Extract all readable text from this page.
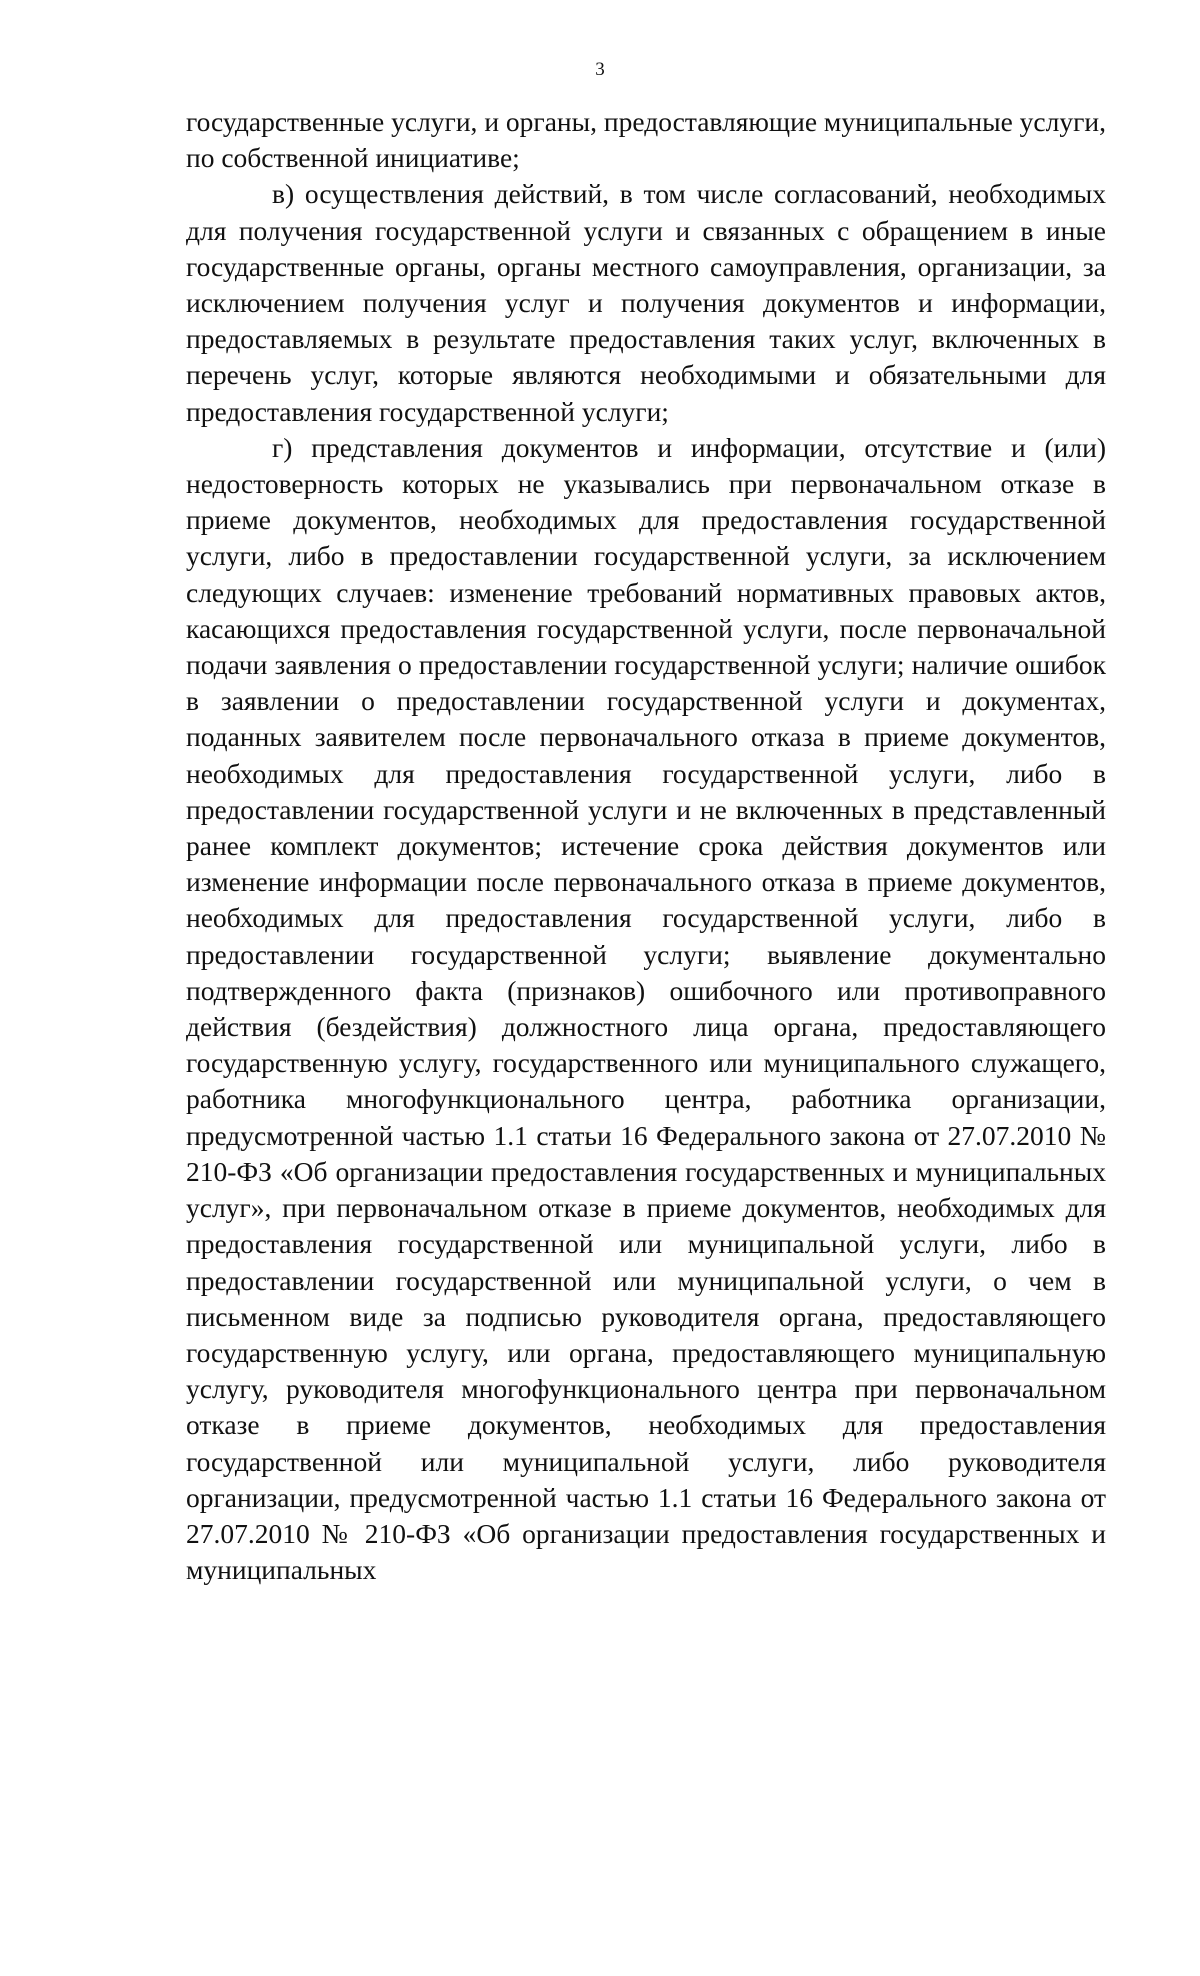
3

государственные услуги, и органы, предоставляющие муниципальные услуги, по собственной инициативе;

в) осуществления действий, в том числе согласований, необходимых для получения государственной услуги и связанных с обращением в иные государственные органы, органы местного самоуправления, организации, за исключением получения услуг и получения документов и информации, предоставляемых в результате предоставления таких услуг, включенных в перечень услуг, которые являются необходимыми и обязательными для предоставления государственной услуги;

г) представления документов и информации, отсутствие и (или) недостоверность которых не указывались при первоначальном отказе в приеме документов, необходимых для предоставления государственной услуги, либо в предоставлении государственной услуги, за исключением следующих случаев: изменение требований нормативных правовых актов, касающихся предоставления государственной услуги, после первоначальной подачи заявления о предоставлении государственной услуги; наличие ошибок в заявлении о предоставлении государственной услуги и документах, поданных заявителем после первоначального отказа в приеме документов, необходимых для предоставления государственной услуги, либо в предоставлении государственной услуги и не включенных в представленный ранее комплект документов; истечение срока действия документов или изменение информации после первоначального отказа в приеме документов, необходимых для предоставления государственной услуги, либо в предоставлении государственной услуги; выявление документально подтвержденного факта (признаков) ошибочного или противоправного действия (бездействия) должностного лица органа, предоставляющего государственную услугу, государственного или муниципального служащего, работника многофункционального центра, работника организации, предусмотренной частью 1.1 статьи 16 Федерального закона от 27.07.2010 № 210-ФЗ «Об организации предоставления государственных и муниципальных услуг», при первоначальном отказе в приеме документов, необходимых для предоставления государственной или муниципальной услуги, либо в предоставлении государственной или муниципальной услуги, о чем в письменном виде за подписью руководителя органа, предоставляющего государственную услугу, или органа, предоставляющего муниципальную услугу, руководителя многофункционального центра при первоначальном отказе в приеме документов, необходимых для предоставления государственной или муниципальной услуги, либо руководителя организации, предусмотренной частью 1.1 статьи 16 Федерального закона от 27.07.2010 № 210-ФЗ «Об организации предоставления государственных и муниципальных
